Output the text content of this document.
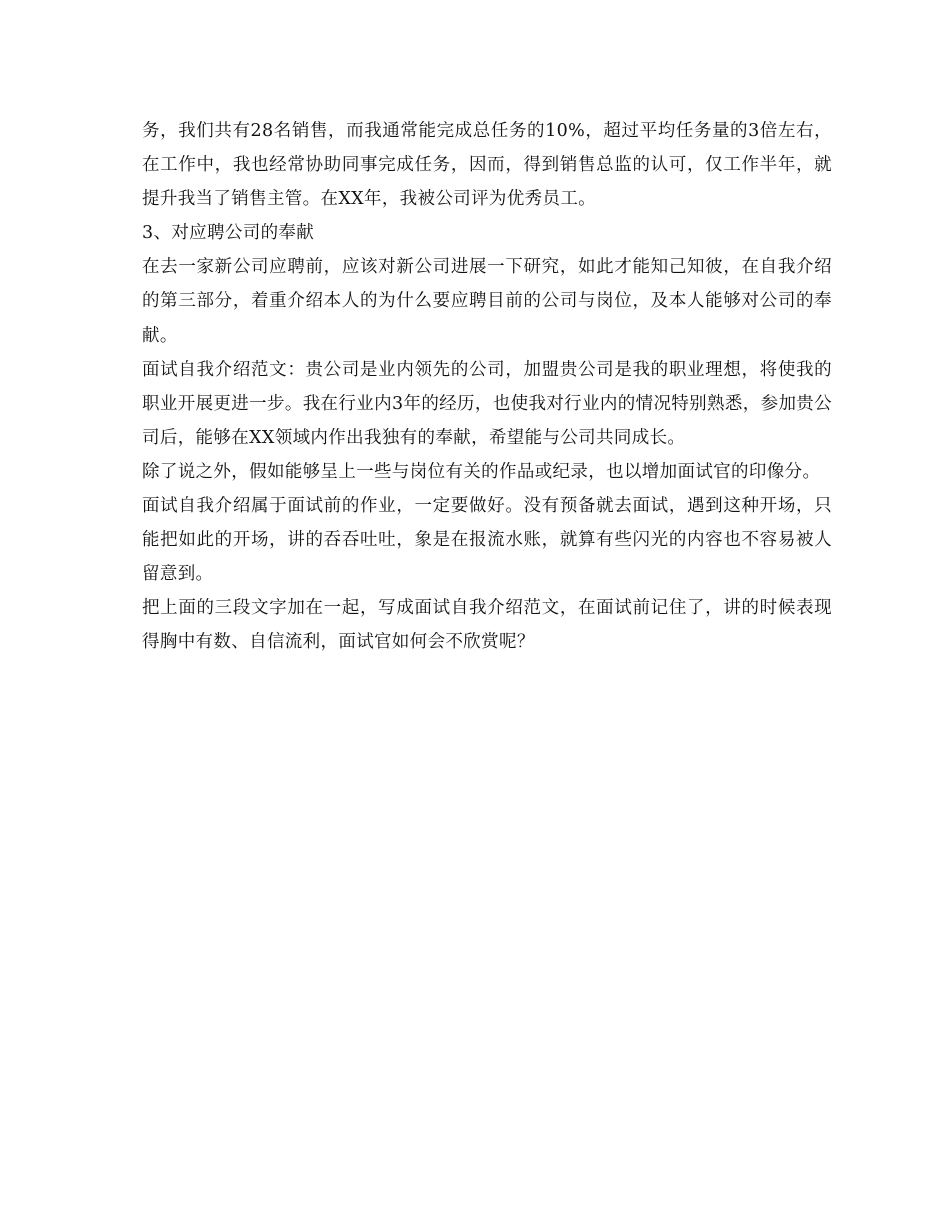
务，我们共有28名销售，而我通常能完成总任务的10%，超过平均任务量的3倍左右，在工作中，我也经常协助同事完成任务，因而，得到销售总监的认可，仅工作半年，就提升我当了销售主管。在XX年，我被公司评为优秀员工。

3、对应聘公司的奉献

在去一家新公司应聘前，应该对新公司进展一下研究，如此才能知己知彼，在自我介绍的第三部分，着重介绍本人的为什么要应聘目前的公司与岗位，及本人能够对公司的奉献。

面试自我介绍范文：贵公司是业内领先的公司，加盟贵公司是我的职业理想，将使我的职业开展更进一步。我在行业内3年的经历，也使我对行业内的情况特别熟悉，参加贵公司后，能够在XX领域内作出我独有的奉献，希望能与公司共同成长。

除了说之外，假如能够呈上一些与岗位有关的作品或纪录，也以增加面试官的印像分。

面试自我介绍属于面试前的作业，一定要做好。没有预备就去面试，遇到这种开场，只能把如此的开场，讲的吞吞吐吐，象是在报流水账，就算有些闪光的内容也不容易被人留意到。

把上面的三段文字加在一起，写成面试自我介绍范文，在面试前记住了，讲的时候表现得胸中有数、自信流利，面试官如何会不欣赏呢？
